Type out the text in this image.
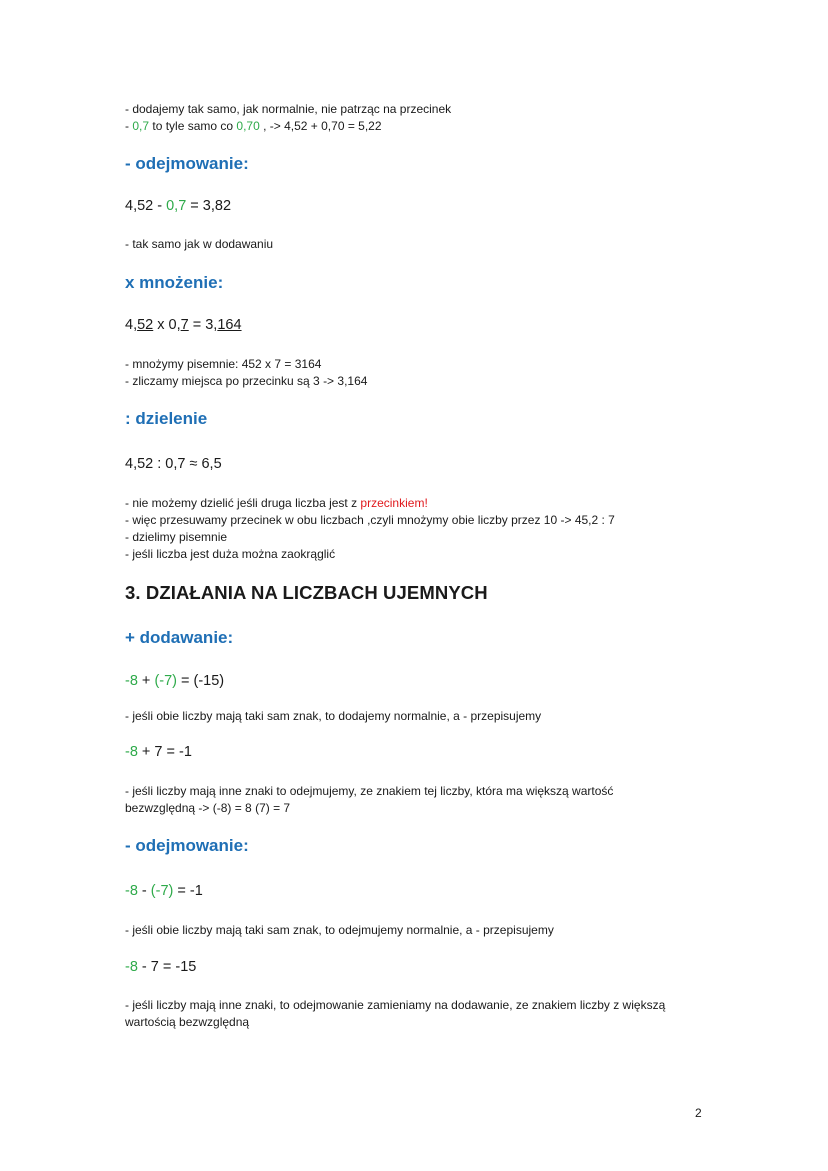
- dodajemy tak samo, jak normalnie, nie patrząc na przecinek
- 0,7 to tyle samo co 0,70 , -> 4,52 + 0,70 = 5,22
- odejmowanie:
4,52 - 0,7 = 3,82
- tak samo jak w dodawaniu
x mnożenie:
4,52 x 0,7 = 3,164
- mnożymy pisemnie: 452 x 7 = 3164
- zliczamy miejsca po przecinku są 3 -> 3,164
: dzielenie
4,52 : 0,7 ≈ 6,5
- nie możemy dzielić jeśli druga liczba jest z przecinkiem!
- więc przesuwamy przecinek w obu liczbach ,czyli mnożymy obie liczby przez 10 -> 45,2 : 7
- dzielimy pisemnie
- jeśli liczba jest duża można zaokrąglić
3. DZIAŁANIA NA LICZBACH UJEMNYCH
+ dodawanie:
-8 + (-7) = (-15)
- jeśli obie liczby mają taki sam znak, to dodajemy normalnie, a - przepisujemy
-8 + 7 = -1
- jeśli liczby mają inne znaki to odejmujemy, ze znakiem tej liczby, która ma większą wartość
bezwzględną -> (-8) = 8 (7) = 7
- odejmowanie:
-8 - (-7) = -1
- jeśli obie liczby mają taki sam znak, to odejmujemy normalnie, a - przepisujemy
-8 - 7 = -15
- jeśli liczby mają inne znaki, to odejmowanie zamieniamy na dodawanie, ze znakiem liczby z większą
wartością bezwzględną
2
